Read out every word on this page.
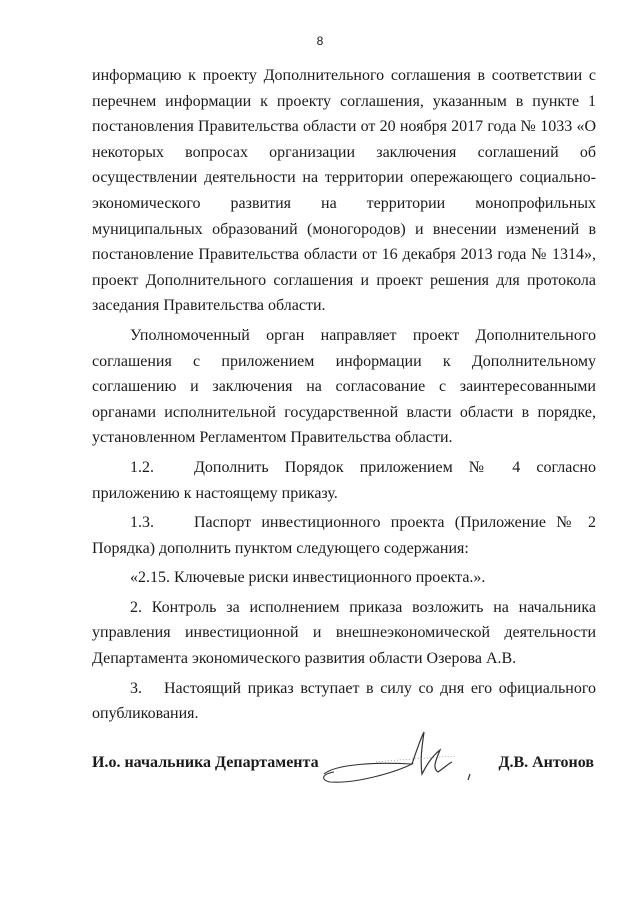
8

информацию к проекту Дополнительного соглашения в соответствии с перечнем информации к проекту соглашения, указанным в пункте 1 постановления Правительства области от 20 ноября 2017 года № 1033 «О некоторых вопросах организации заключения соглашений об осуществлении деятельности на территории опережающего социально-экономического развития на территории монопрофильных муниципальных образований (моногородов) и внесении изменений в постановление Правительства области от 16 декабря 2013 года № 1314», проект Дополнительного соглашения и проект решения для протокола заседания Правительства области.

Уполномоченный орган направляет проект Дополнительного соглашения с приложением информации к Дополнительному соглашению и заключения на согласование с заинтересованными органами исполнительной государственной власти области в порядке, установленном Регламентом Правительства области.

1.2.	Дополнить Порядок приложением № 4 согласно приложению к настоящему приказу.

1.3.	Паспорт инвестиционного проекта (Приложение № 2 Порядка) дополнить пунктом следующего содержания:

«2.15. Ключевые риски инвестиционного проекта.».

2. Контроль за исполнением приказа возложить на начальника управления инвестиционной и внешнеэкономической деятельности Департамента экономического развития области Озерова А.В.

3. Настоящий приказ вступает в силу со дня его официального опубликования.

И.о. начальника Департамента	Д.В. Антонов
